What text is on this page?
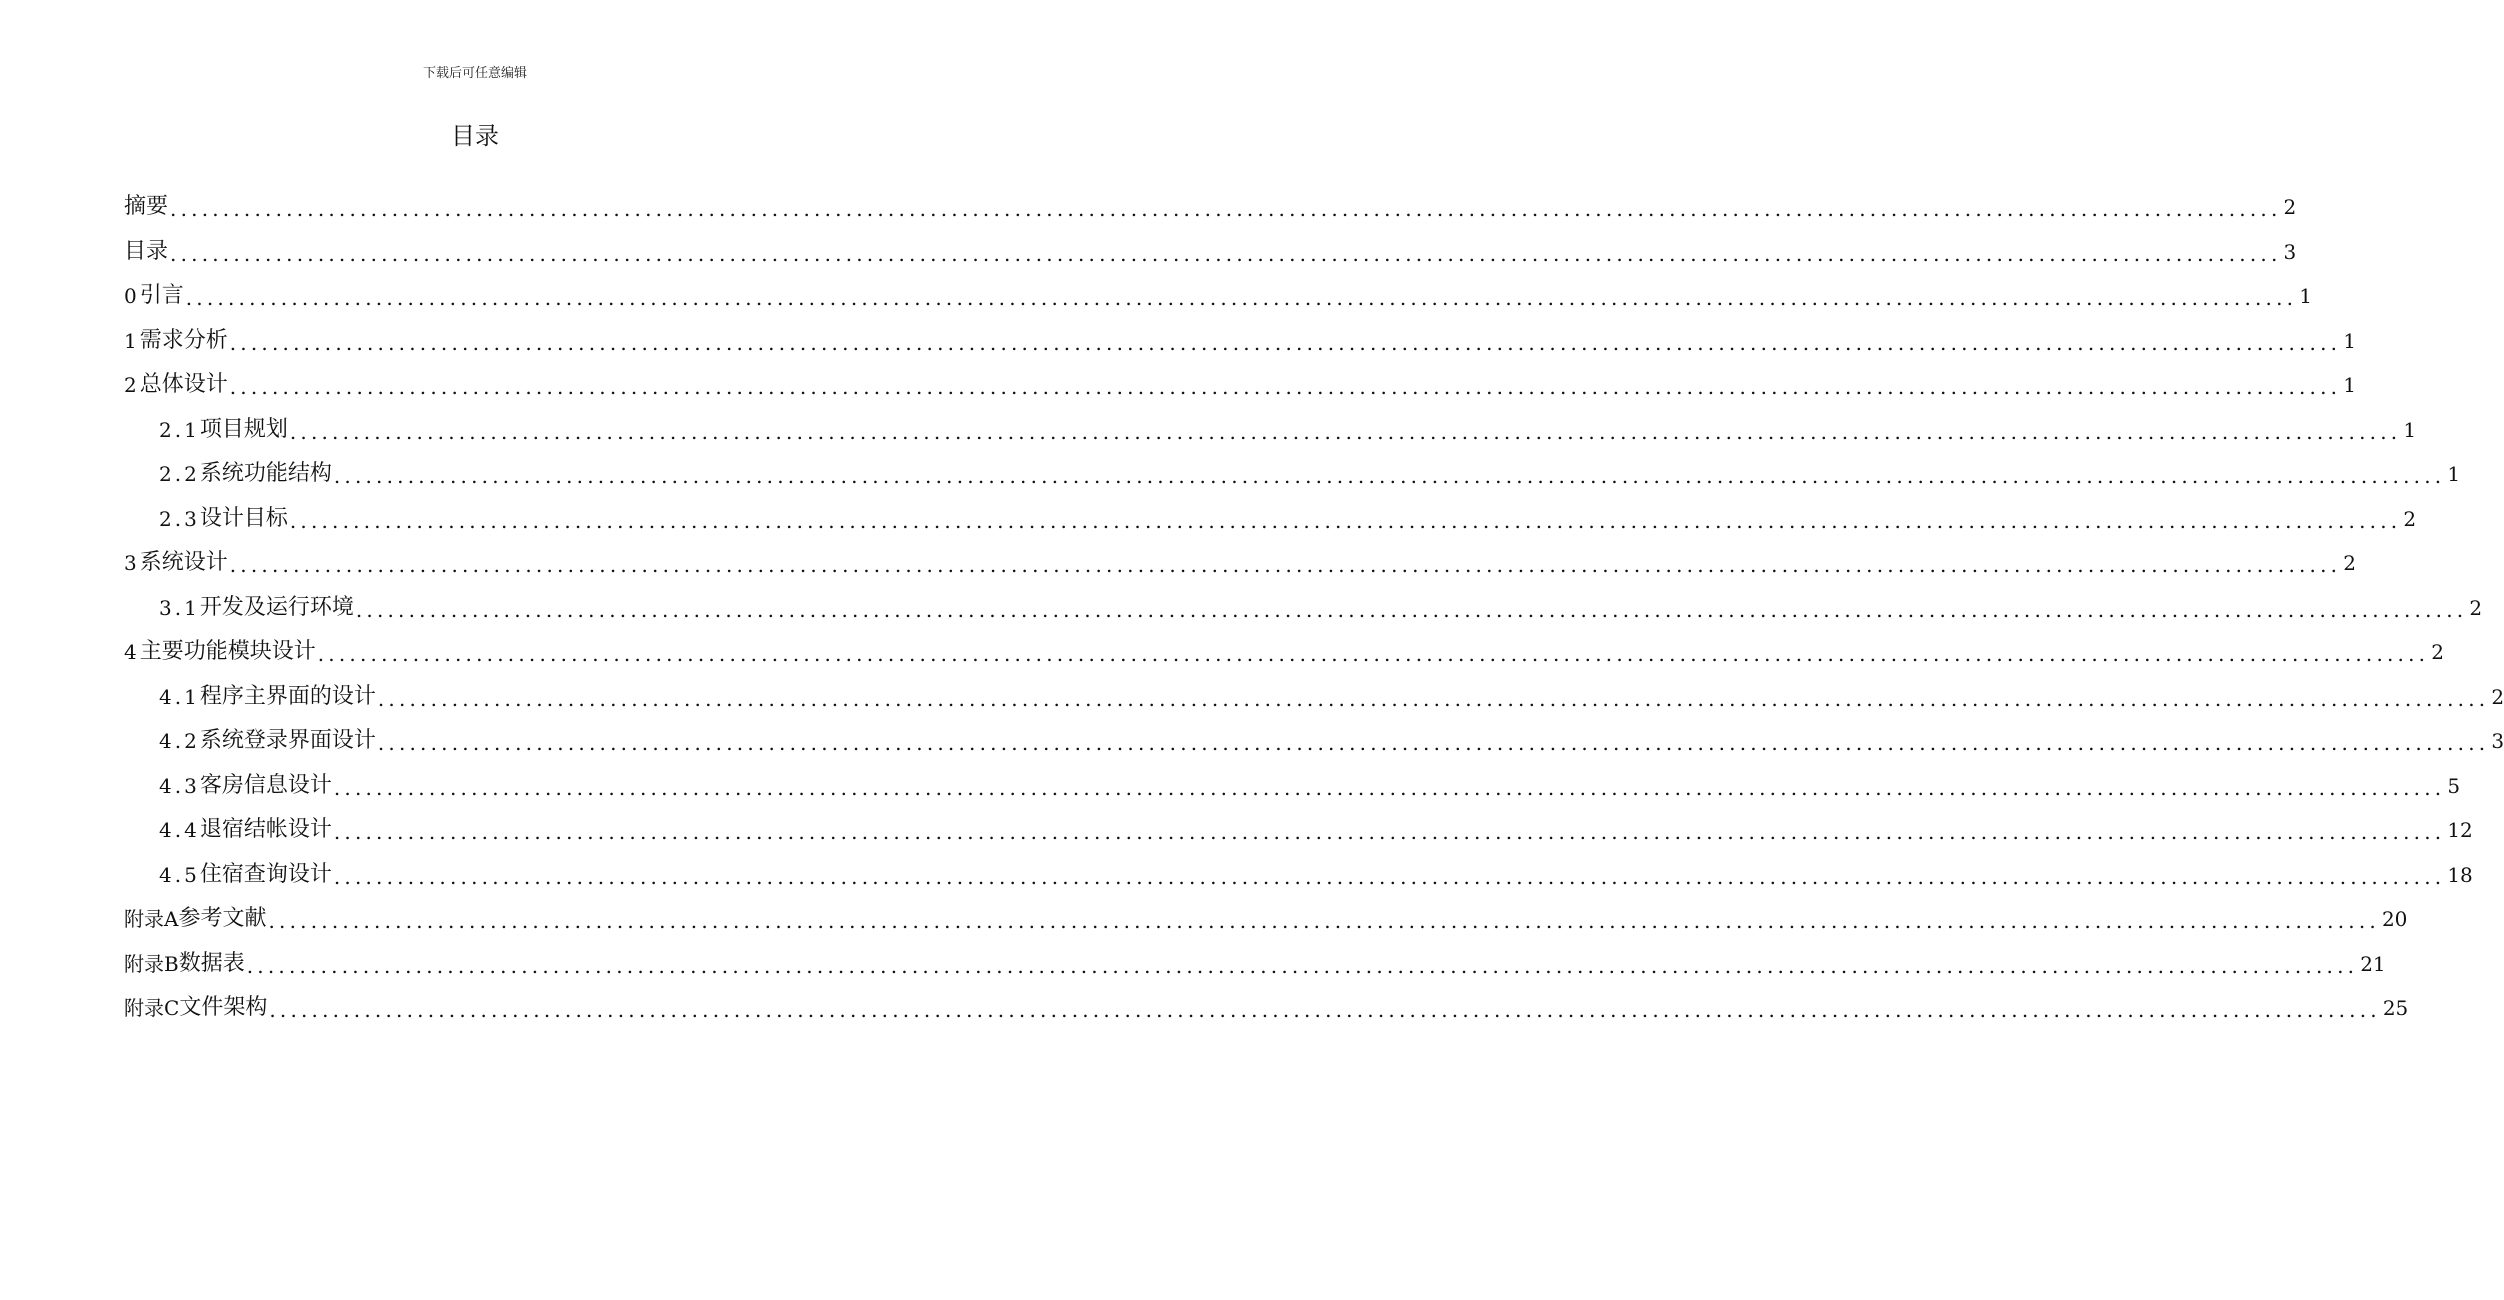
下载后可任意编辑
目录
摘要 ........................................................................................................................................................................................................ 2
目录 ........................................................................................................................................................................................................ 3
0 引言 ........................................................................................................................................................................................................ 1
1 需求分析 ........................................................................................................................................................................................................ 1
2 总体设计 ........................................................................................................................................................................................................ 1
2.1 项目规划 ........................................................................................................................................................................................................ 1
2.2 系统功能结构 ........................................................................................................................................................................................................ 1
2.3 设计目标 ........................................................................................................................................................................................................ 2
3 系统设计 ........................................................................................................................................................................................................ 2
3.1 开发及运行环境 ........................................................................................................................................................................................................ 2
4 主要功能模块设计 ........................................................................................................................................................................................................ 2
4.1 程序主界面的设计 ........................................................................................................................................................................................................ 2
4.2 系统登录界面设计 ........................................................................................................................................................................................................ 3
4.3 客房信息设计 ........................................................................................................................................................................................................ 5
4.4 退宿结帐设计 ........................................................................................................................................................................................................ 12
4.5 住宿查询设计 ........................................................................................................................................................................................................ 18
附录A 参考文献 ........................................................................................................................................................................................................ 20
附录B 数据表 ........................................................................................................................................................................................................ 21
附录C 文件架构 ........................................................................................................................................................................................................ 25
